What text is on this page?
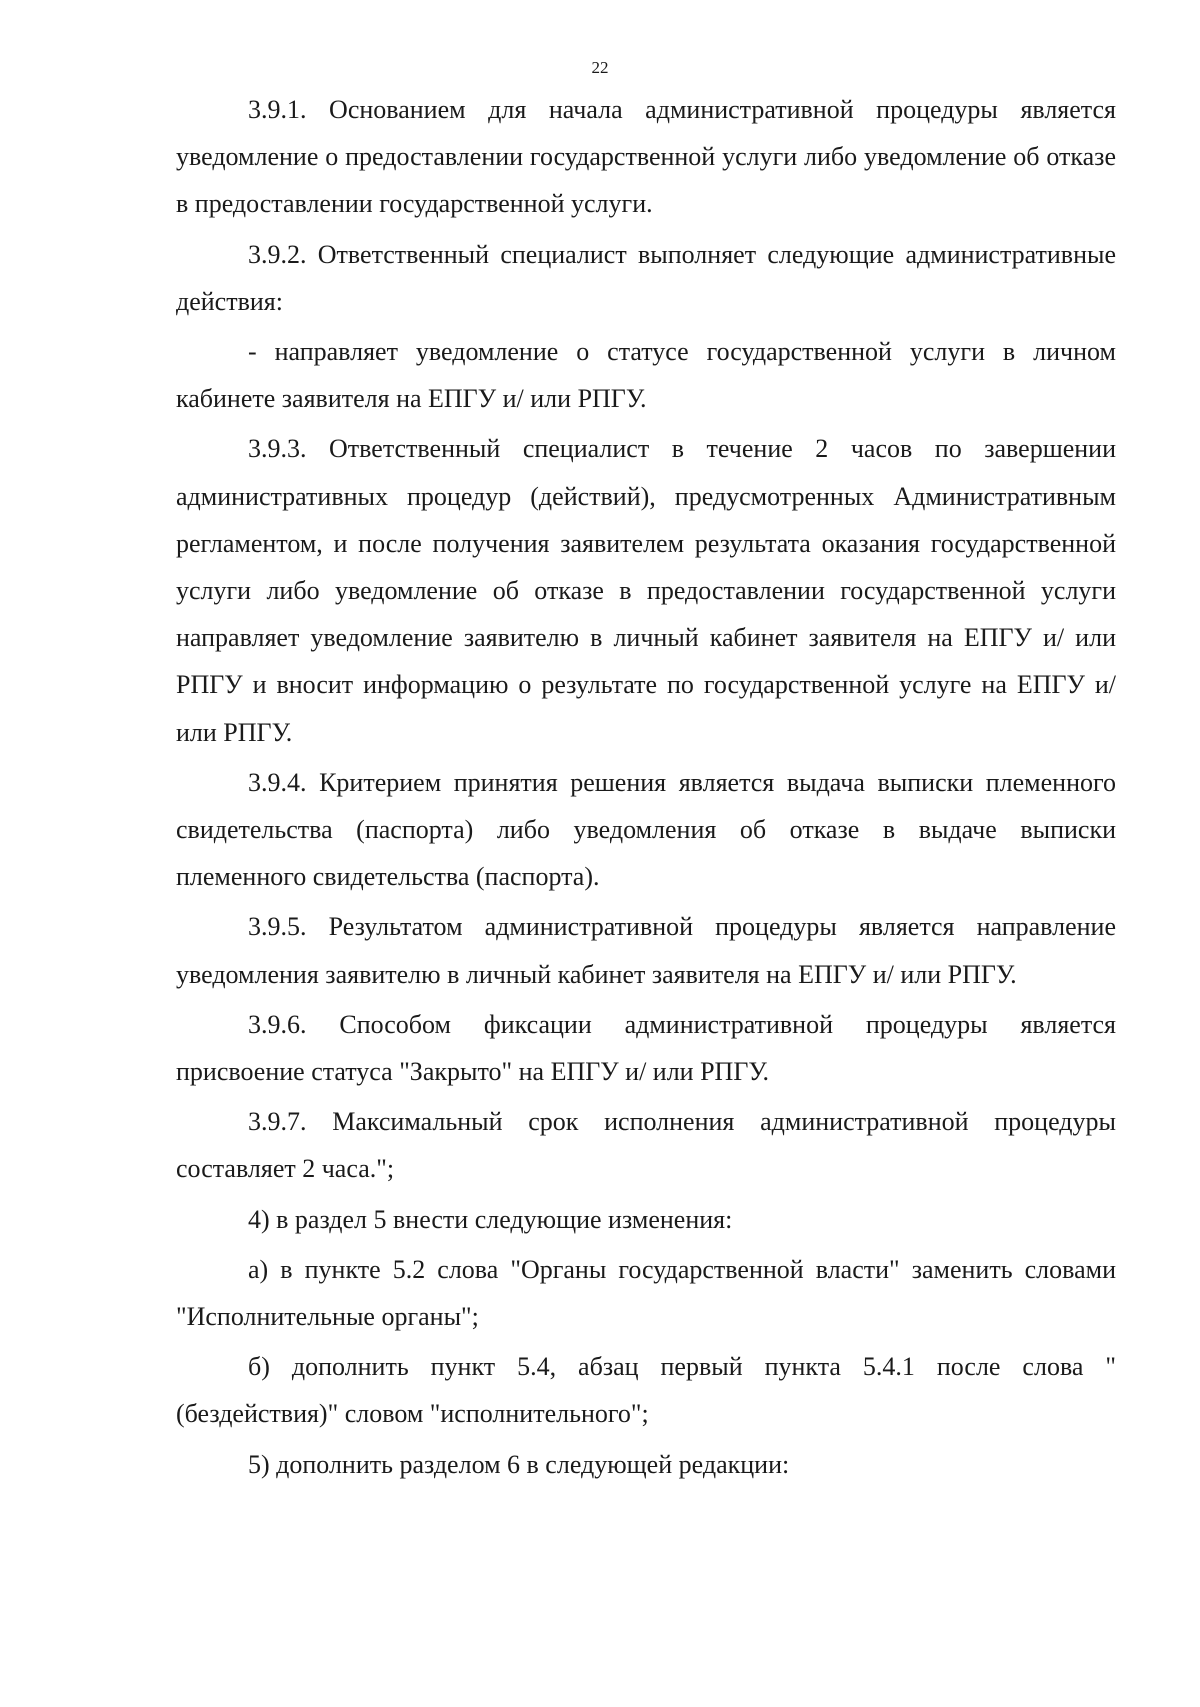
22

3.9.1. Основанием для начала административной процедуры является уведомление о предоставлении государственной услуги либо уведомление об отказе в предоставлении государственной услуги.

3.9.2. Ответственный специалист выполняет следующие административные действия:

- направляет уведомление о статусе государственной услуги в личном кабинете заявителя на ЕПГУ и/ или РПГУ.

3.9.3. Ответственный специалист в течение 2 часов по завершении административных процедур (действий), предусмотренных Административным регламентом, и после получения заявителем результата оказания государственной услуги либо уведомление об отказе в предоставлении государственной услуги направляет уведомление заявителю в личный кабинет заявителя на ЕПГУ и/ или РПГУ и вносит информацию о результате по государственной услуге на ЕПГУ и/ или РПГУ.

3.9.4. Критерием принятия решения является выдача выписки племенного свидетельства (паспорта) либо уведомления об отказе в выдаче выписки племенного свидетельства (паспорта).

3.9.5. Результатом административной процедуры является направление уведомления заявителю в личный кабинет заявителя на ЕПГУ и/ или РПГУ.

3.9.6. Способом фиксации административной процедуры является присвоение статуса "Закрыто" на ЕПГУ и/ или РПГУ.

3.9.7. Максимальный срок исполнения административной процедуры составляет 2 часа.";

4) в раздел 5 внести следующие изменения:

а) в пункте 5.2 слова "Органы государственной власти" заменить словами "Исполнительные органы";

б) дополнить пункт 5.4, абзац первый пункта 5.4.1 после слова "(бездействия)" словом "исполнительного";

5) дополнить разделом 6 в следующей редакции:
